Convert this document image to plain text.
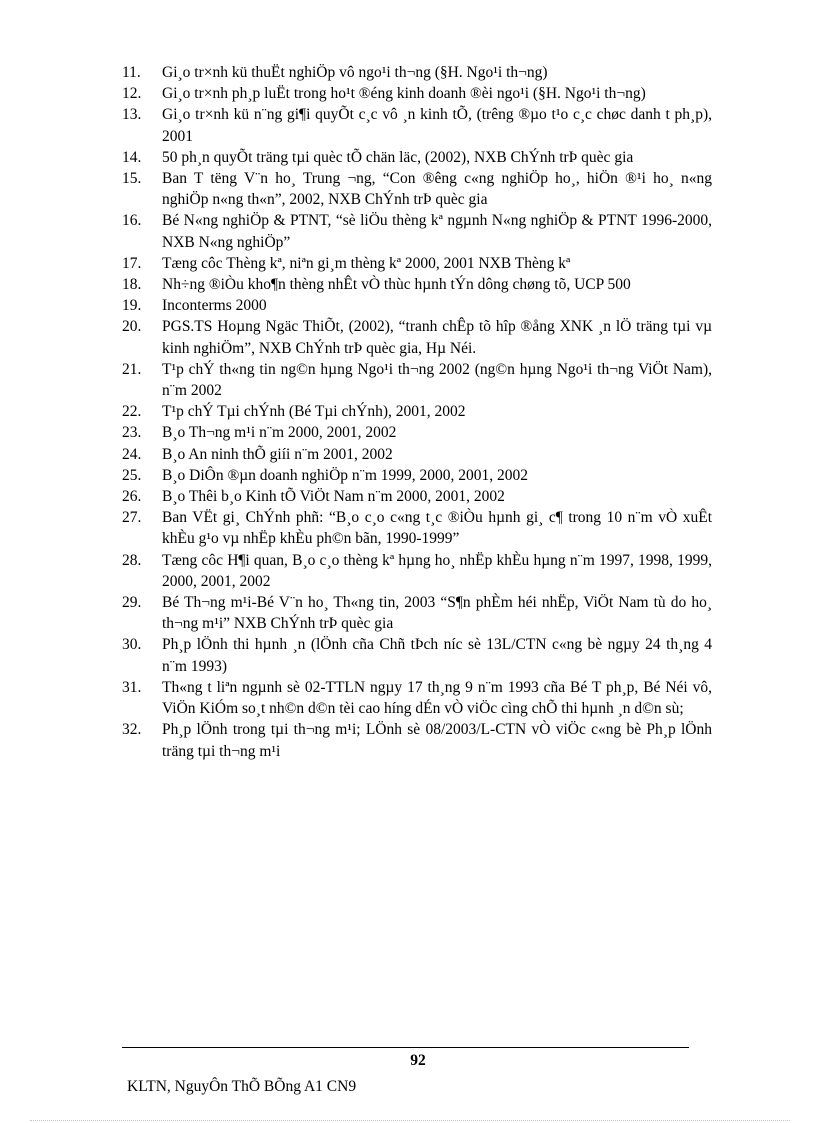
11. Gi¸o tr×nh kü thuËt nghiÖp vô ngo¹i th¬ng (§H. Ngo¹i th¬ng)
12. Gi¸o tr×nh ph¸p luËt trong ho¹t ®éng kinh doanh ®èi ngo¹i (§H. Ngo¹i th¬ng)
13. Gi¸o tr×nh kü n¨ng gi¶i quyÕt c¸c vô ¸n kinh tÕ, (trêng ®µo t¹o c¸c chøc danh t ph¸p), 2001
14. 50 ph¸n quyÕt träng tµi quèc tÕ chän läc, (2002), NXB ChÝnh trÞ quèc gia
15. Ban T tëng V¨n ho¸ Trung ¬ng, “Con ®êng c«ng nghiÖp ho¸, hiÖn ®¹i ho¸ n«ng nghiÖp n«ng th«n”, 2002, NXB ChÝnh trÞ quèc gia
16. Bé N«ng nghiÖp & PTNT, “sè liÖu thèng kª ngµnh N«ng nghiÖp & PTNT 1996-2000, NXB N«ng nghiÖp”
17. Tæng côc Thèng kª, niªn gi¸m thèng kª 2000, 2001 NXB Thèng kª
18. Nh÷ng ®iÒu kho¶n thèng nhÊt vÒ thùc hµnh tÝn dông chøng tõ, UCP 500
19. Inconterms 2000
20. PGS.TS Hoµng Ngäc ThiÕt, (2002), “tranh chÊp tõ hîp ®ång XNK ¸n lÖ träng tµi vµ kinh nghiÖm”, NXB ChÝnh trÞ quèc gia, Hµ Néi.
21. T¹p chÝ th«ng tin ng©n hµng Ngo¹i th¬ng 2002 (ng©n hµng Ngo¹i th¬ng ViÖt Nam), n¨m 2002
22. T¹p chÝ Tµi chÝnh (Bé Tµi chÝnh), 2001, 2002
23. B¸o Th¬ng m¹i n¨m 2000, 2001, 2002
24. B¸o An ninh thÕ giíi n¨m 2001, 2002
25. B¸o DiÔn ®µn doanh nghiÖp n¨m 1999, 2000, 2001, 2002
26. B¸o Thêi b¸o Kinh tÕ ViÖt Nam n¨m 2000, 2001, 2002
27. Ban VËt gi¸ ChÝnh phñ: “B¸o c¸o c«ng t¸c ®iÒu hµnh gi¸ c¶ trong 10 n¨m vÒ xuÊt khÈu g¹o vµ nhËp khÈu ph©n bãn, 1990-1999”
28. Tæng côc H¶i quan, B¸o c¸o thèng kª hµng ho¸ nhËp khÈu hµng n¨m 1997, 1998, 1999, 2000, 2001, 2002
29. Bé Th¬ng m¹i-Bé V¨n ho¸ Th«ng tin, 2003 “S¶n phÈm héi nhËp, ViÖt Nam tù do ho¸ th¬ng m¹i” NXB ChÝnh trÞ quèc gia
30. Ph¸p lÖnh thi hµnh ¸n (lÖnh cña Chñ tÞch níc sè 13L/CTN c«ng bè ngµy 24 th¸ng 4 n¨m 1993)
31. Th«ng t liªn ngµnh sè 02-TTLN ngµy 17 th¸ng 9 n¨m 1993 cña Bé T ph¸p, Bé Néi vô, ViÖn KiÓm so¸t nh©n d©n tèi cao híng dÉn vÒ viÖc cìng chÕ thi hµnh ¸n d©n sù;
32. Ph¸p lÖnh trong tµi th¬ng m¹i; LÖnh sè 08/2003/L-CTN vÒ viÖc c«ng bè Ph¸p lÖnh träng tµi th¬ng m¹i
92
KLTN, NguyÔn ThÕ BÕng A1 CN9
